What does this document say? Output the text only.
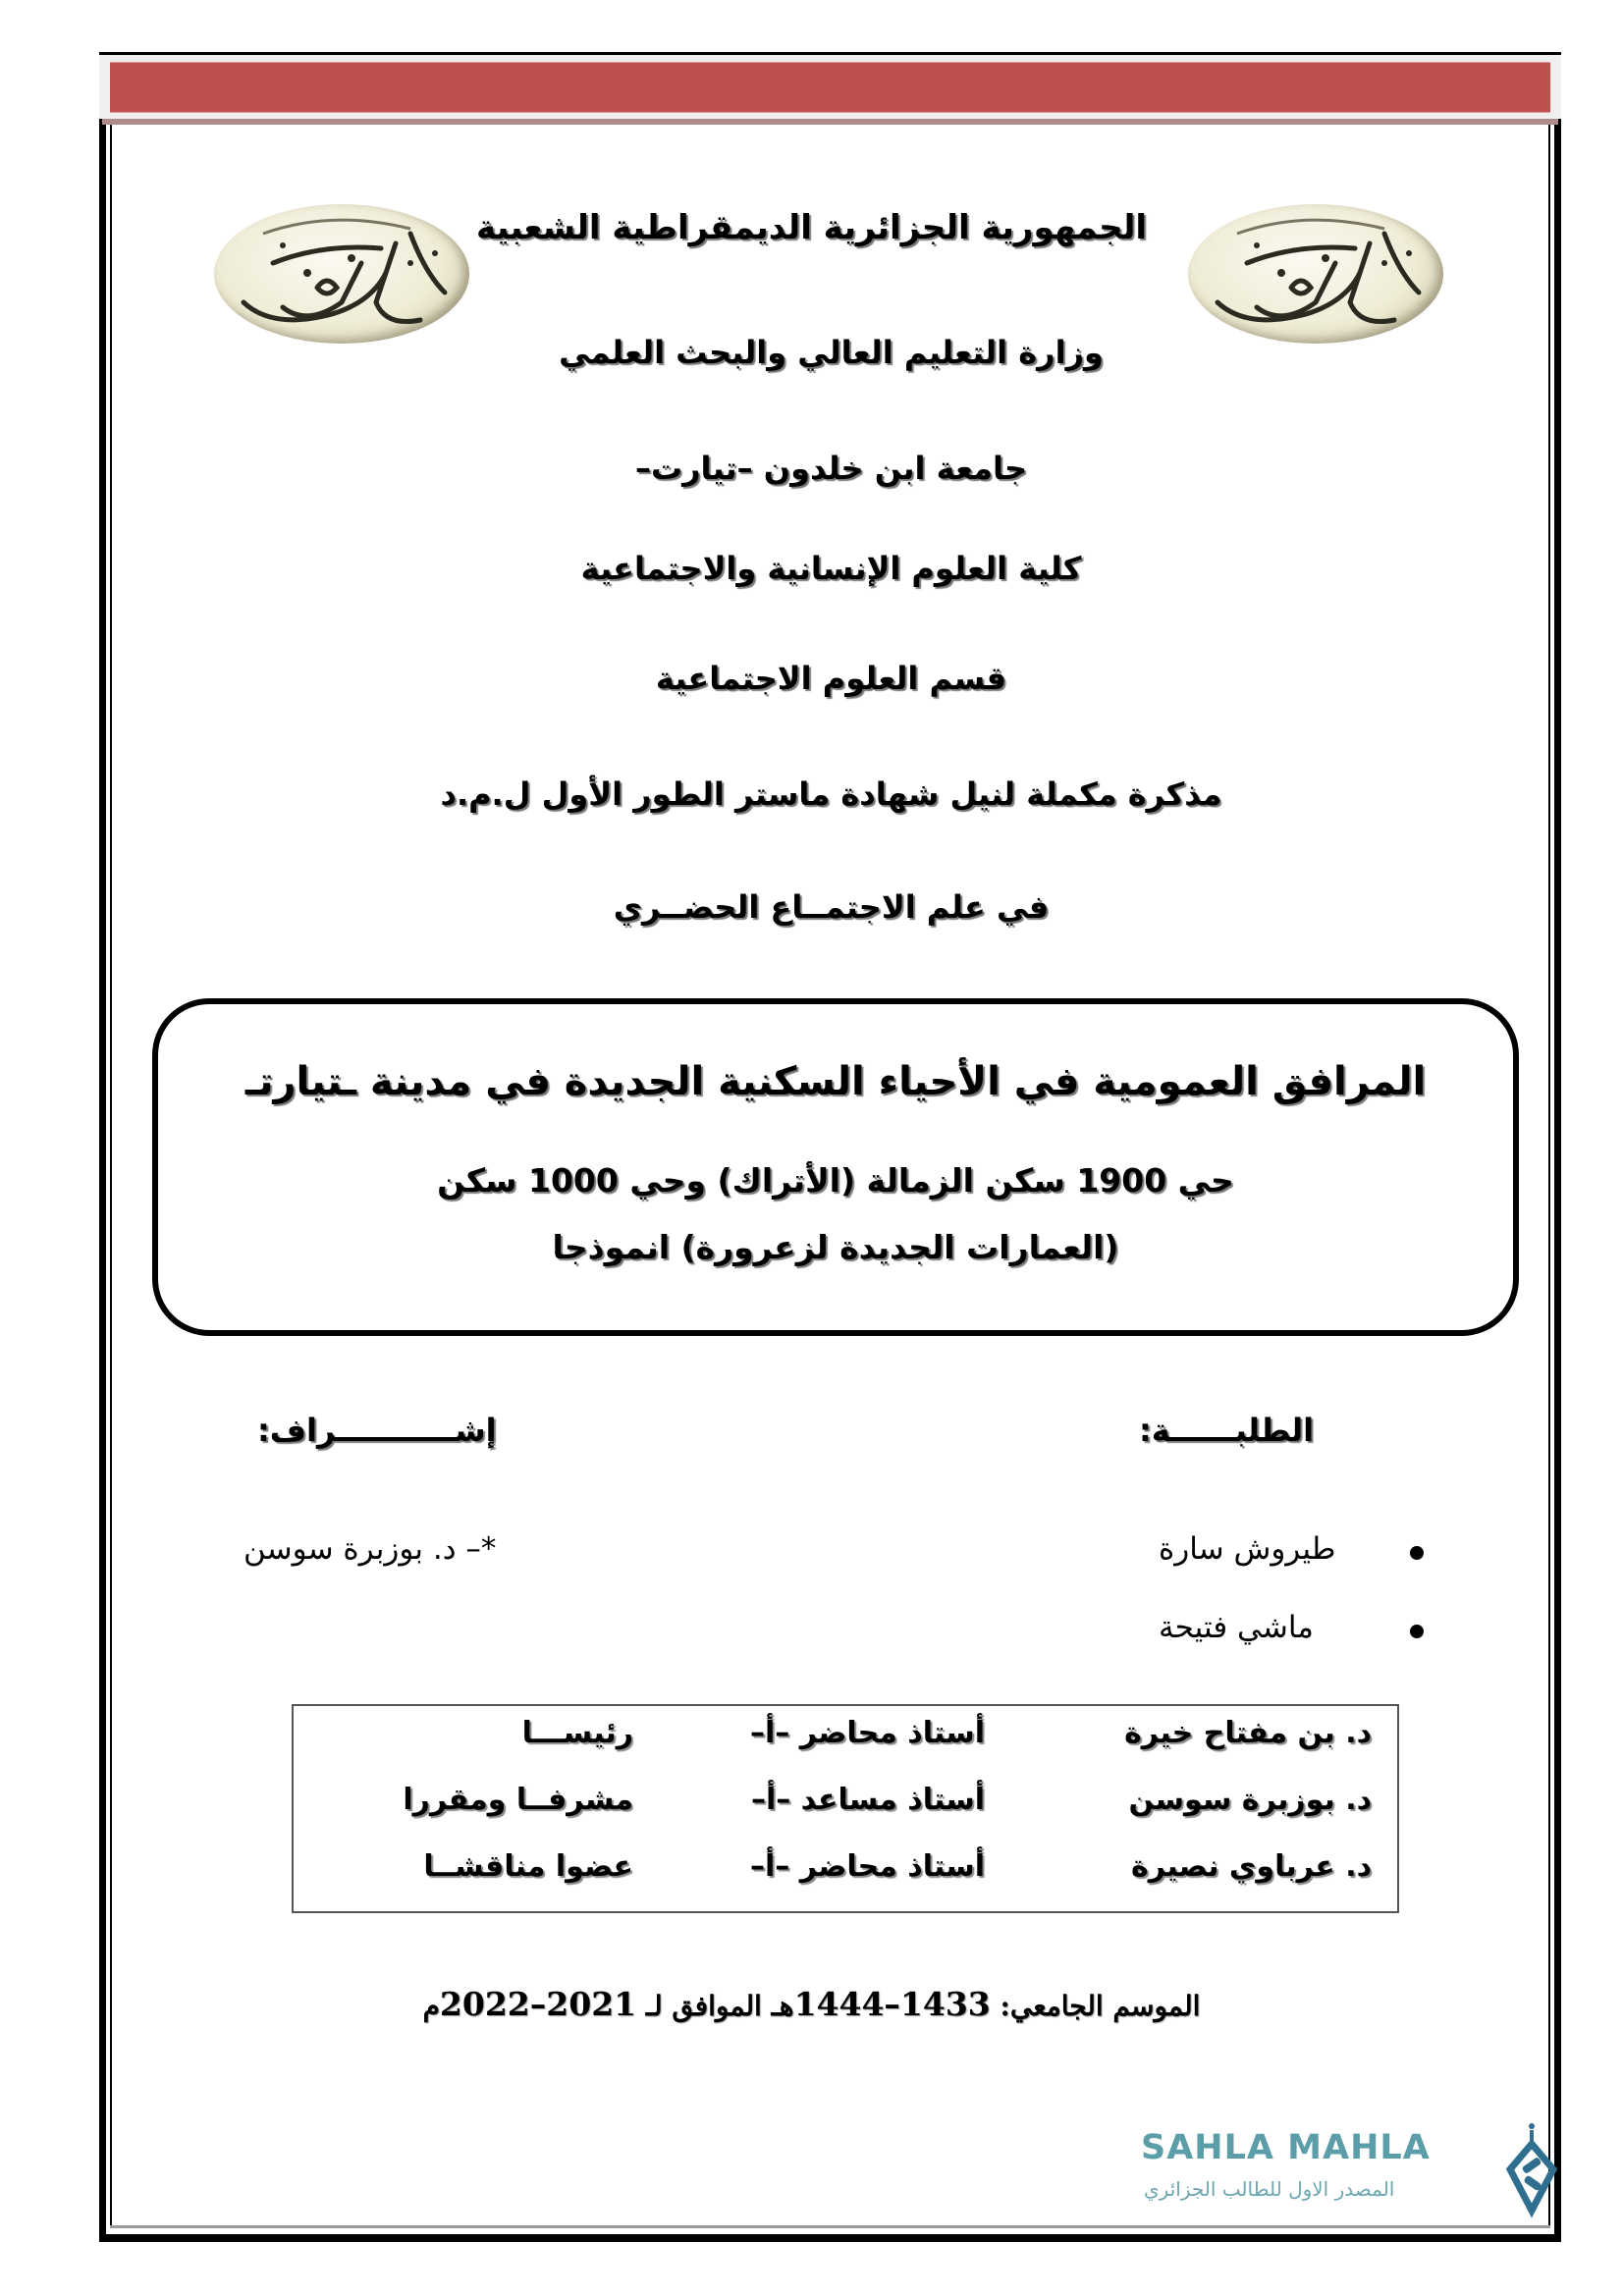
الجمهورية الجزائرية الديمقراطية الشعبية
وزارة التعليم العالي والبحث العلمي
جامعة ابن خلدون –تيارت–
كلية العلوم الإنسانية والاجتماعية
قسم العلوم الاجتماعية
مذكرة مكملة لنيل شهادة ماستر الطور الأول ل.م.د
في علم الاجتمــاع الحضــري
المرافق العمومية في الأحياء السكنية الجديدة في مدينة ـتيارتـ
حي 1900 سكن الزمالة (الأتراك) وحي 1000 سكن
(العمارات الجديدة لزعرورة) انموذجا
الطلبــــــة:
إشـــــــــــراف:
طيروش سارة
ماشي فتيحة
*– د. بوزبرة سوسن
د. بن مفتاح خيرة
أستاذ محاضر –أ–
رئيســـا
د. بوزبرة سوسن
أستاذ مساعد –أ–
مشرفــا ومقررا
د. عرباوي نصيرة
أستاذ محاضر –أ–
عضوا مناقشــا
الموسم الجامعي: 1433–1444هـ الموافق لـ 2021–2022م
SAHLA MAHLA
المصدر الاول للطالب الجزائري
